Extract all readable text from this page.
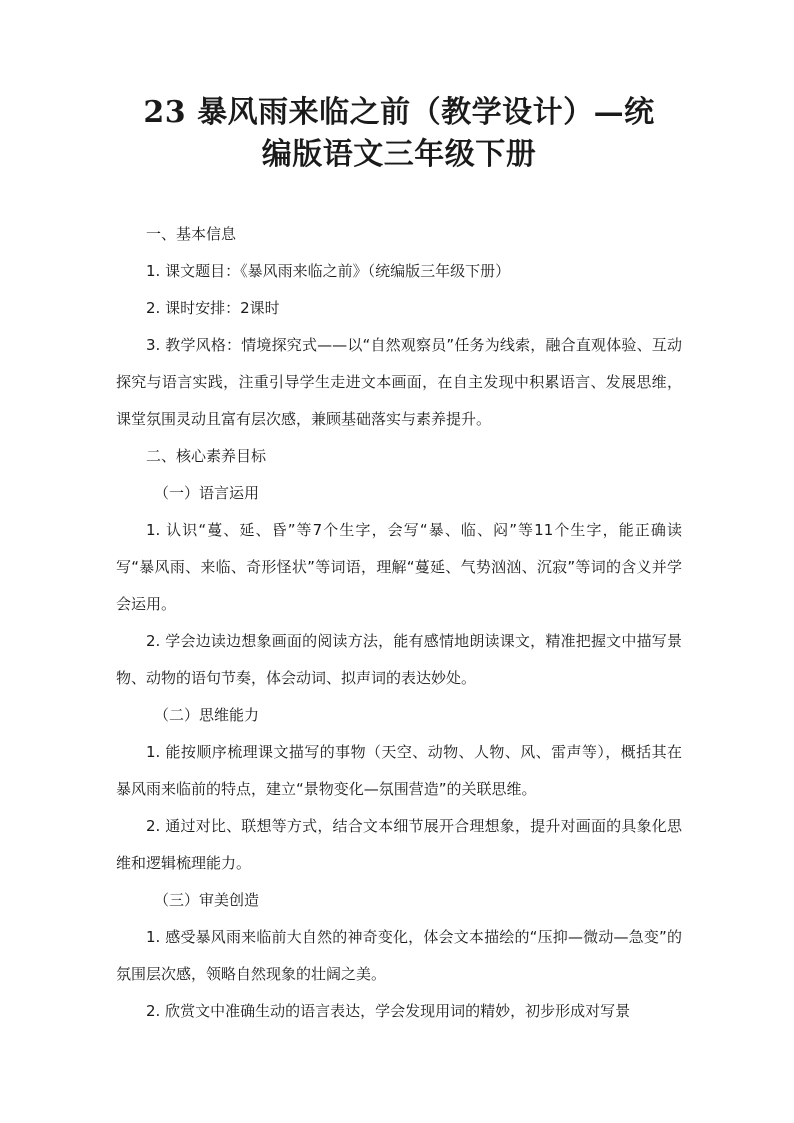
23 暴风雨来临之前（教学设计）—统
编版语文三年级下册

一、基本信息

1. 课文题目：《暴风雨来临之前》（统编版三年级下册）

2. 课时安排：2课时

3. 教学风格：情境探究式——以“自然观察员”任务为线索，融合直观体验、互动探究与语言实践，注重引导学生走进文本画面，在自主发现中积累语言、发展思维，课堂氛围灵动且富有层次感，兼顾基础落实与素养提升。

二、核心素养目标

（一）语言运用

1. 认识“蔓、延、昏”等7个生字，会写“暴、临、闷”等11个生字，能正确读写“暴风雨、来临、奇形怪状”等词语，理解“蔓延、气势汹汹、沉寂”等词的含义并学会运用。

2. 学会边读边想象画面的阅读方法，能有感情地朗读课文，精准把握文中描写景物、动物的语句节奏，体会动词、拟声词的表达妙处。

（二）思维能力

1. 能按顺序梳理课文描写的事物（天空、动物、人物、风、雷声等），概括其在暴风雨来临前的特点，建立“景物变化—氛围营造”的关联思维。

2. 通过对比、联想等方式，结合文本细节展开合理想象，提升对画面的具象化思维和逻辑梳理能力。

（三）审美创造

1. 感受暴风雨来临前大自然的神奇变化，体会文本描绘的“压抑—微动—急变”的氛围层次感，领略自然现象的壮阔之美。

2. 欣赏文中准确生动的语言表达，学会发现用词的精妙，初步形成对写景
